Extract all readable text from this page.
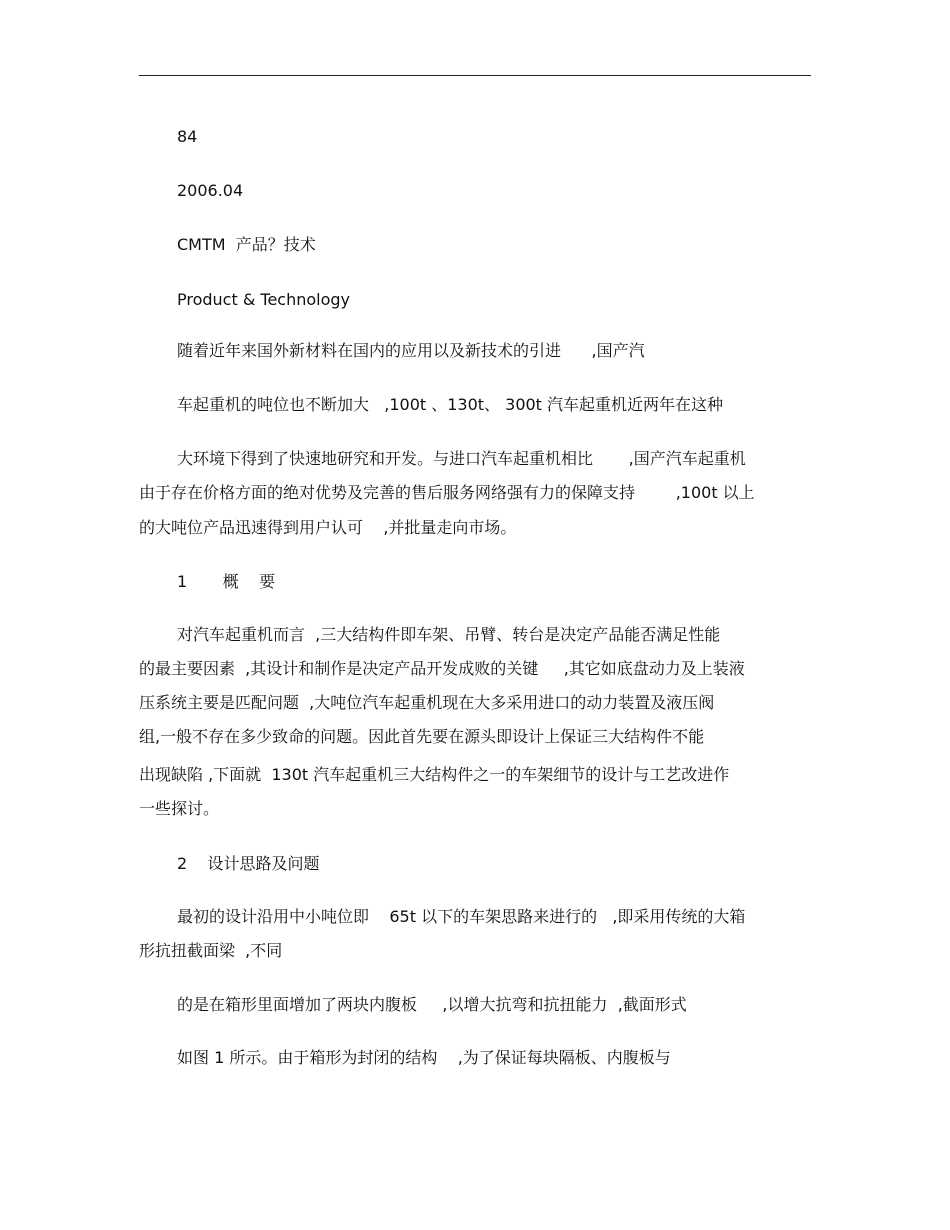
84
2006.04
CMTM  产品？技术
Product & Technology
随着近年来国外新材料在国内的应用以及新技术的引进      ,国产汽
车起重机的吨位也不断加大   ,100t 、130t、 300t 汽车起重机近两年在这种
大环境下得到了快速地研究和开发。与进口汽车起重机相比       ,国产汽车起重机
由于存在价格方面的绝对优势及完善的售后服务网络强有力的保障支持        ,100t 以上
的大吨位产品迅速得到用户认可    ,并批量走向市场。
1       概    要
对汽车起重机而言  ,三大结构件即车架、吊臂、转台是决定产品能否满足性能
的最主要因素  ,其设计和制作是决定产品开发成败的关键     ,其它如底盘动力及上装液
压系统主要是匹配问题  ,大吨位汽车起重机现在大多采用进口的动力装置及液压阀
组,一般不存在多少致命的问题。因此首先要在源头即设计上保证三大结构件不能
出现缺陷 ,下面就  130t 汽车起重机三大结构件之一的车架细节的设计与工艺改进作
一些探讨。
2    设计思路及问题
最初的设计沿用中小吨位即    65t 以下的车架思路来进行的   ,即采用传统的大箱
形抗扭截面梁  ,不同
的是在箱形里面增加了两块内腹板     ,以增大抗弯和抗扭能力  ,截面形式
如图 1 所示。由于箱形为封闭的结构    ,为了保证每块隔板、内腹板与
